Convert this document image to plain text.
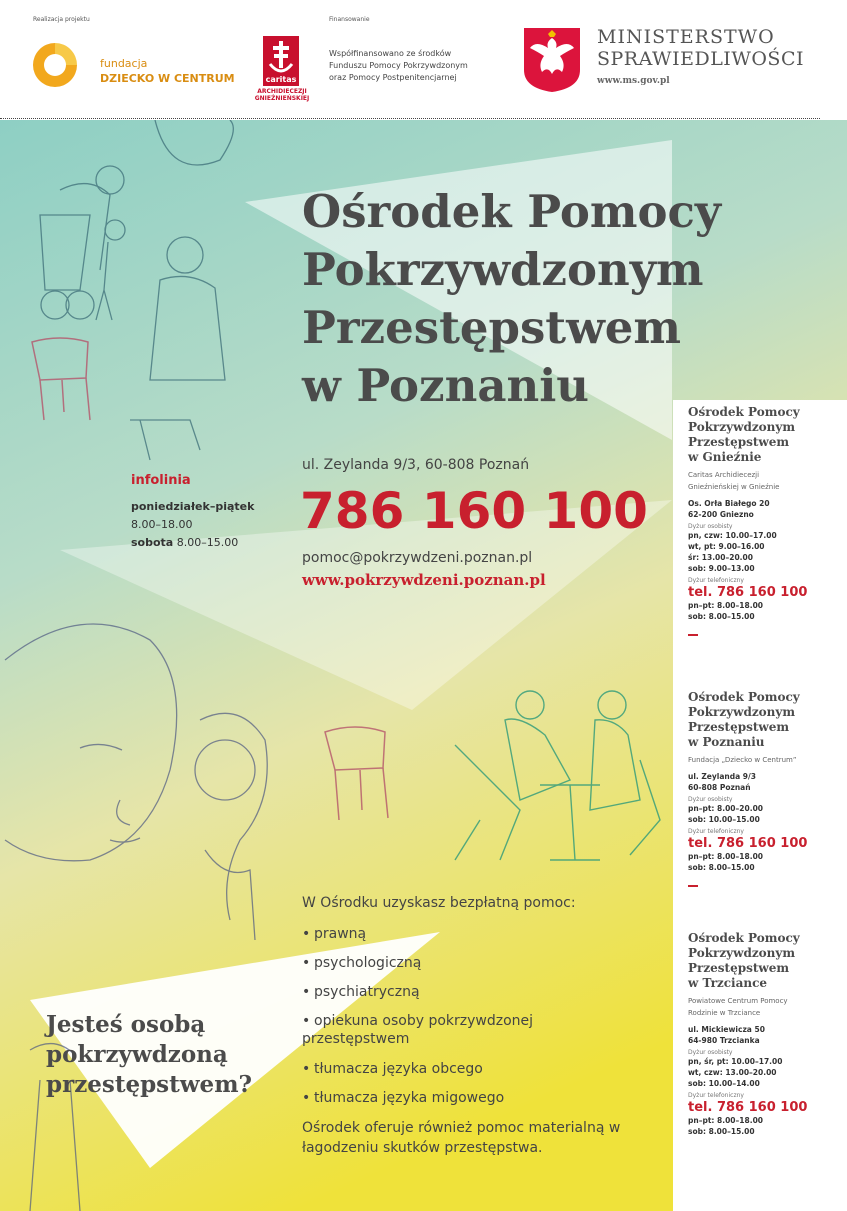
Realizacja projektu	Finansowanie
D	fundacja
DZIECKO W CENTRUM	caritas
ARCHIDIECEZJI
GNIEŹNIEŃSKIEJ
Współfinansowano ze środków
Funduszu Pomocy Pokrzywdzonym
oraz Pomocy Postpenitencjarnej
MINISTERSTWO
SPRAWIEDLIWOŚCI
www.ms.gov.pl
Ośrodek Pomocy
Pokrzywdzonym
Przestępstwem
w Poznaniu
infolinia
poniedziałek–piątek
8.00–18.00
sobota 8.00–15.00
ul. Zeylanda 9/3, 60-808 Poznań
786 160 100
pomoc@pokrzywdzeni.poznan.pl
www.pokrzywdzeni.poznan.pl
W Ośrodku uzyskasz bezpłatną pomoc:
• prawną
• psychologiczną
• psychiatryczną
• opiekuna osoby pokrzywdzonej przestępstwem
• tłumacza języka obcego
• tłumacza języka migowego
Ośrodek oferuje również pomoc materialną w łagodzeniu skutków przestępstwa.
Jesteś osobą
pokrzywdzoną
przestępstwem?
Ośrodek Pomocy
Pokrzywdzonym
Przestępstwem
w Gnieźnie
Caritas Archidiecezji
Gnieźnieńskiej w Gnieźnie
Os. Orła Białego 20
62-200 Gniezno
Dyżur osobisty
pn, czw: 10.00–17.00
wt, pt: 9.00–16.00
śr: 13.00–20.00
sob: 9.00–13.00
Dyżur telefoniczny
tel. 786 160 100
pn–pt: 8.00–18.00
sob: 8.00–15.00
Ośrodek Pomocy
Pokrzywdzonym
Przestępstwem
w Poznaniu
Fundacja „Dziecko w Centrum”
ul. Zeylanda 9/3
60-808 Poznań
Dyżur osobisty
pn–pt: 8.00–20.00
sob: 10.00–15.00
Dyżur telefoniczny
tel. 786 160 100
pn–pt: 8.00–18.00
sob: 8.00–15.00
Ośrodek Pomocy
Pokrzywdzonym
Przestępstwem
w Trzciance
Powiatowe Centrum Pomocy
Rodzinie w Trzciance
ul. Mickiewicza 50
64-980 Trzcianka
Dyżur osobisty
pn, śr, pt: 10.00–17.00
wt, czw: 13.00–20.00
sob: 10.00–14.00
Dyżur telefoniczny
tel. 786 160 100
pn–pt: 8.00–18.00
sob: 8.00–15.00
